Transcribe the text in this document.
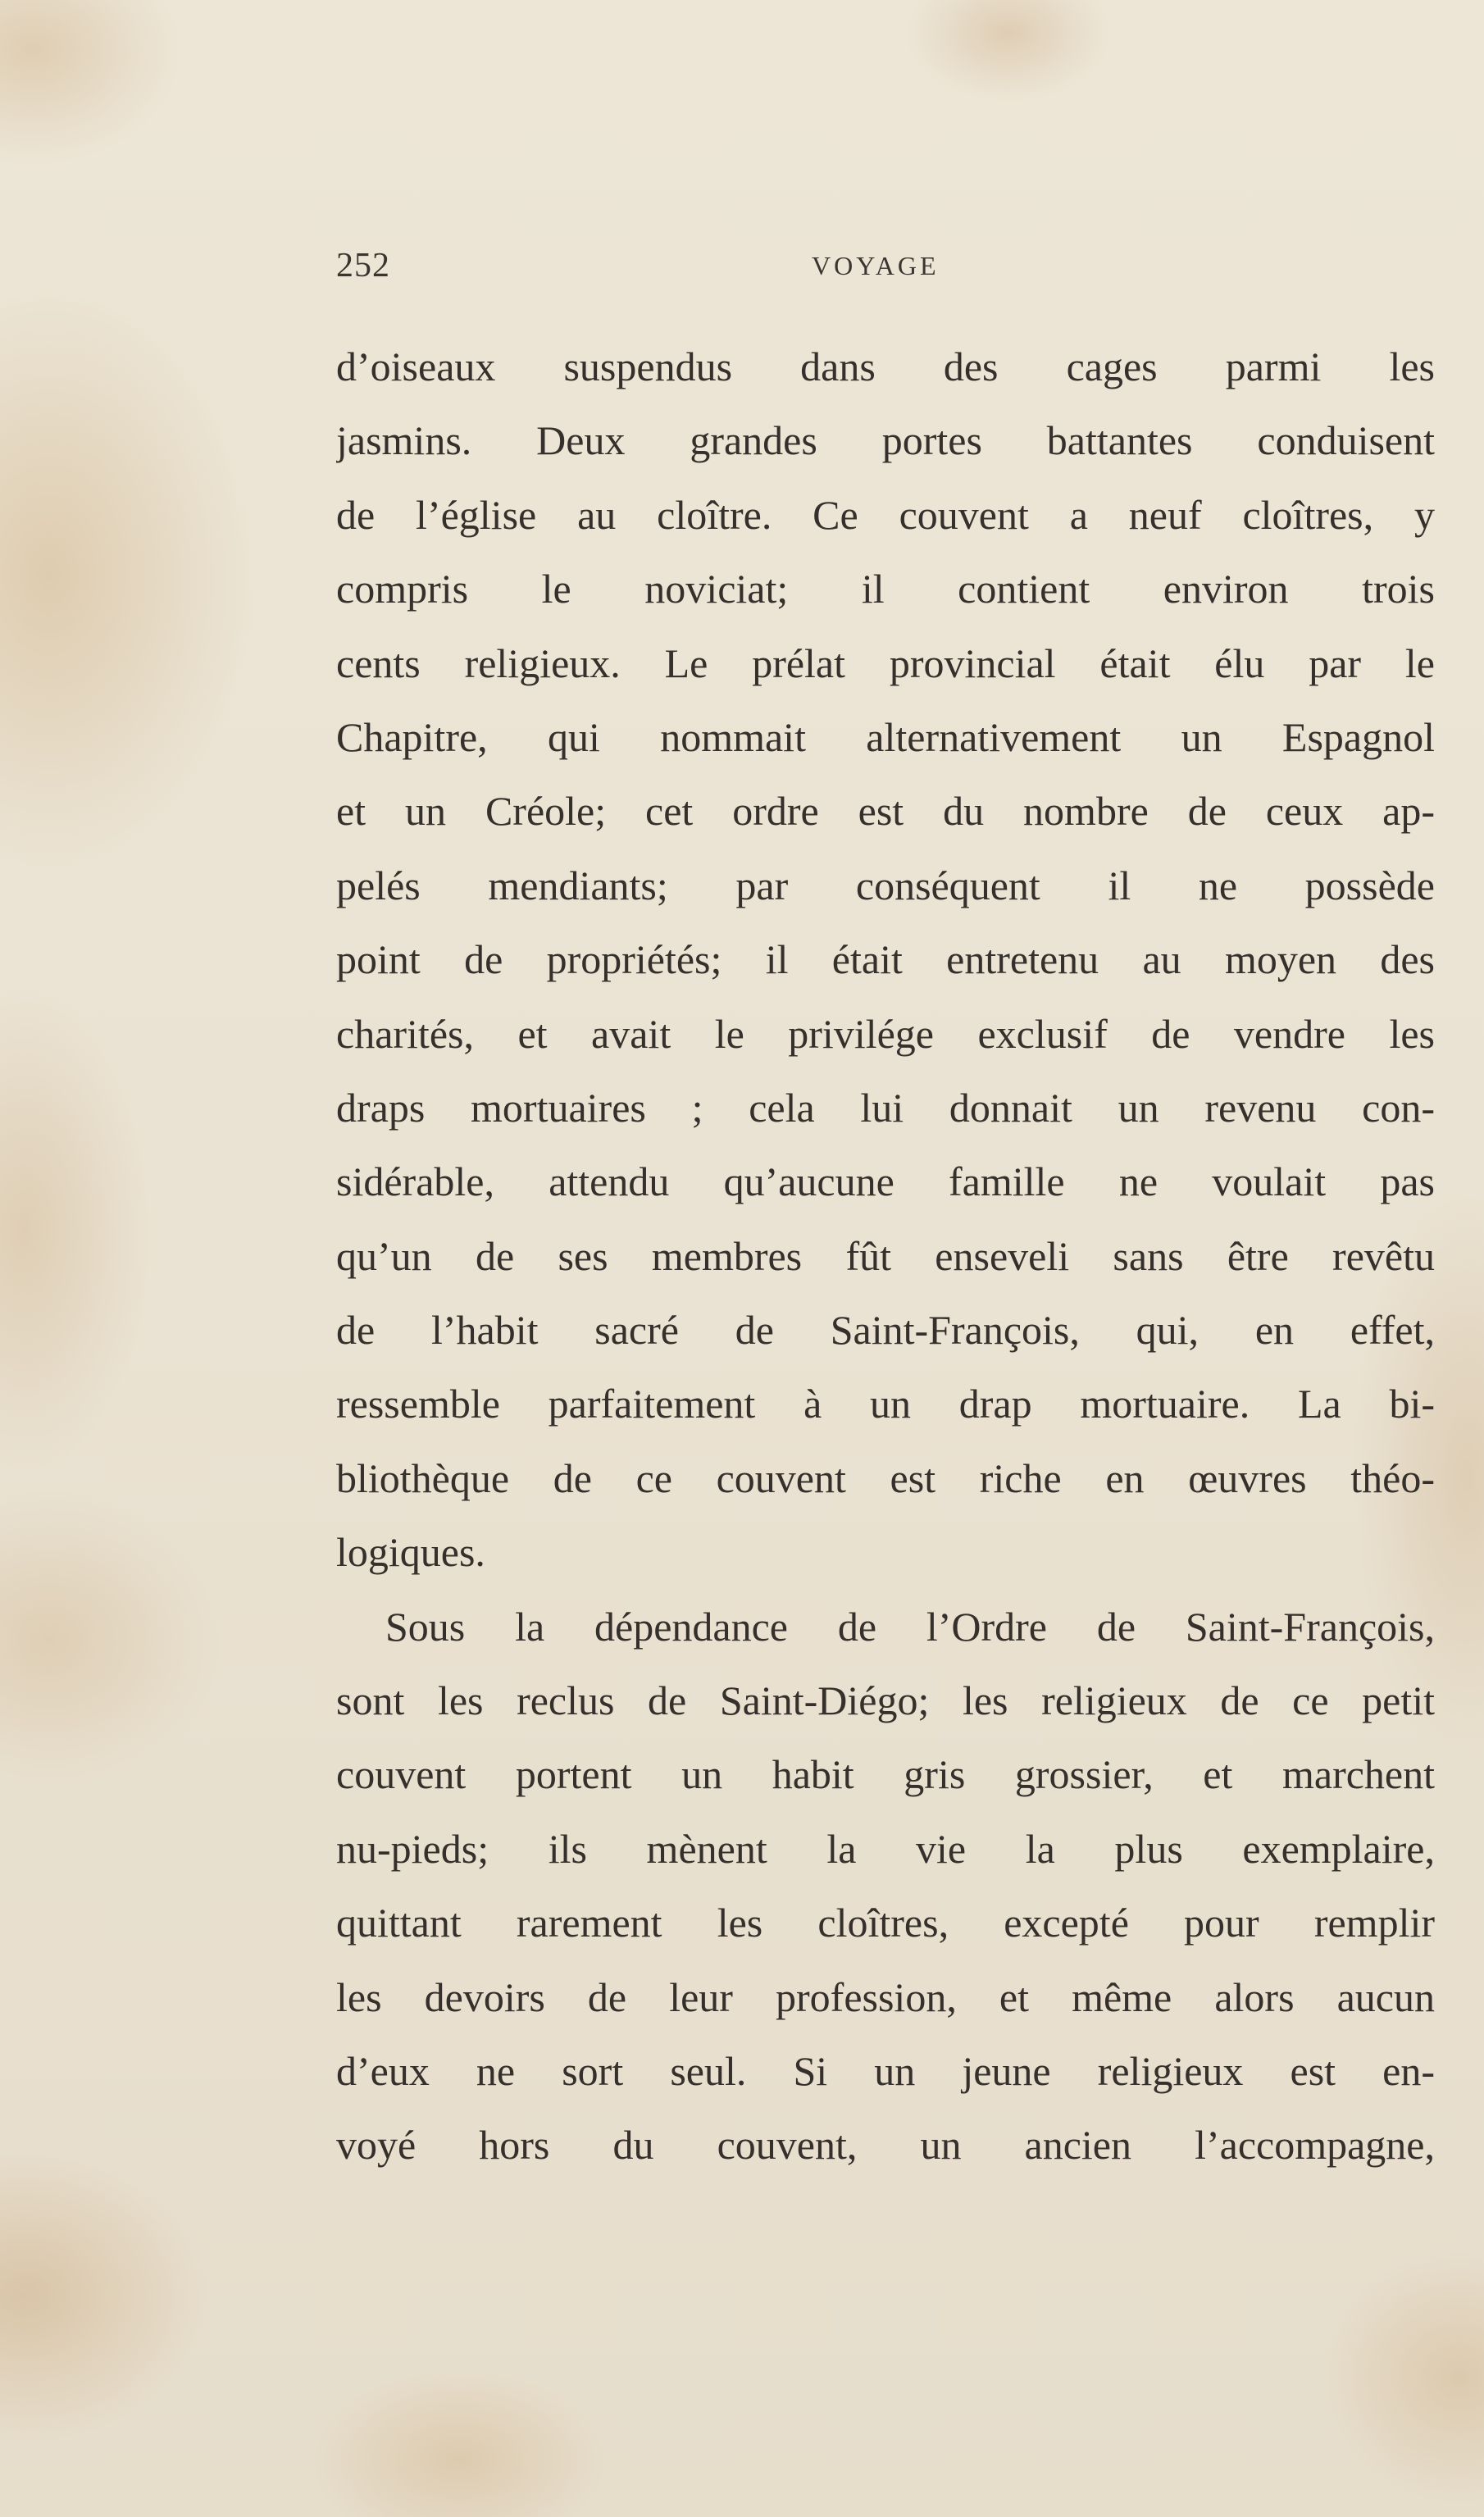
252	VOYAGE
d’oiseaux suspendus dans des cages parmi les
jasmins. Deux grandes portes battantes conduisent
de l’église au cloître. Ce couvent a neuf cloîtres, y
compris le noviciat; il contient environ trois
cents religieux. Le prélat provincial était élu par le
Chapitre, qui nommait alternativement un Espagnol
et un Créole; cet ordre est du nombre de ceux ap-
pelés mendiants; par conséquent il ne possède
point de propriétés; il était entretenu au moyen des
charités, et avait le privilége exclusif de vendre les
draps mortuaires ; cela lui donnait un revenu con-
sidérable, attendu qu’aucune famille ne voulait pas
qu’un de ses membres fût enseveli sans être revêtu
de l’habit sacré de Saint-François, qui, en effet,
ressemble parfaitement à un drap mortuaire. La bi-
bliothèque de ce couvent est riche en œuvres théo-
logiques.
Sous la dépendance de l’Ordre de Saint-François,
sont les reclus de Saint-Diégo; les religieux de ce petit
couvent portent un habit gris grossier, et marchent
nu-pieds; ils mènent la vie la plus exemplaire,
quittant rarement les cloîtres, excepté pour remplir
les devoirs de leur profession, et même alors aucun
d’eux ne sort seul. Si un jeune religieux est en-
voyé hors du couvent, un ancien l’accompagne,
